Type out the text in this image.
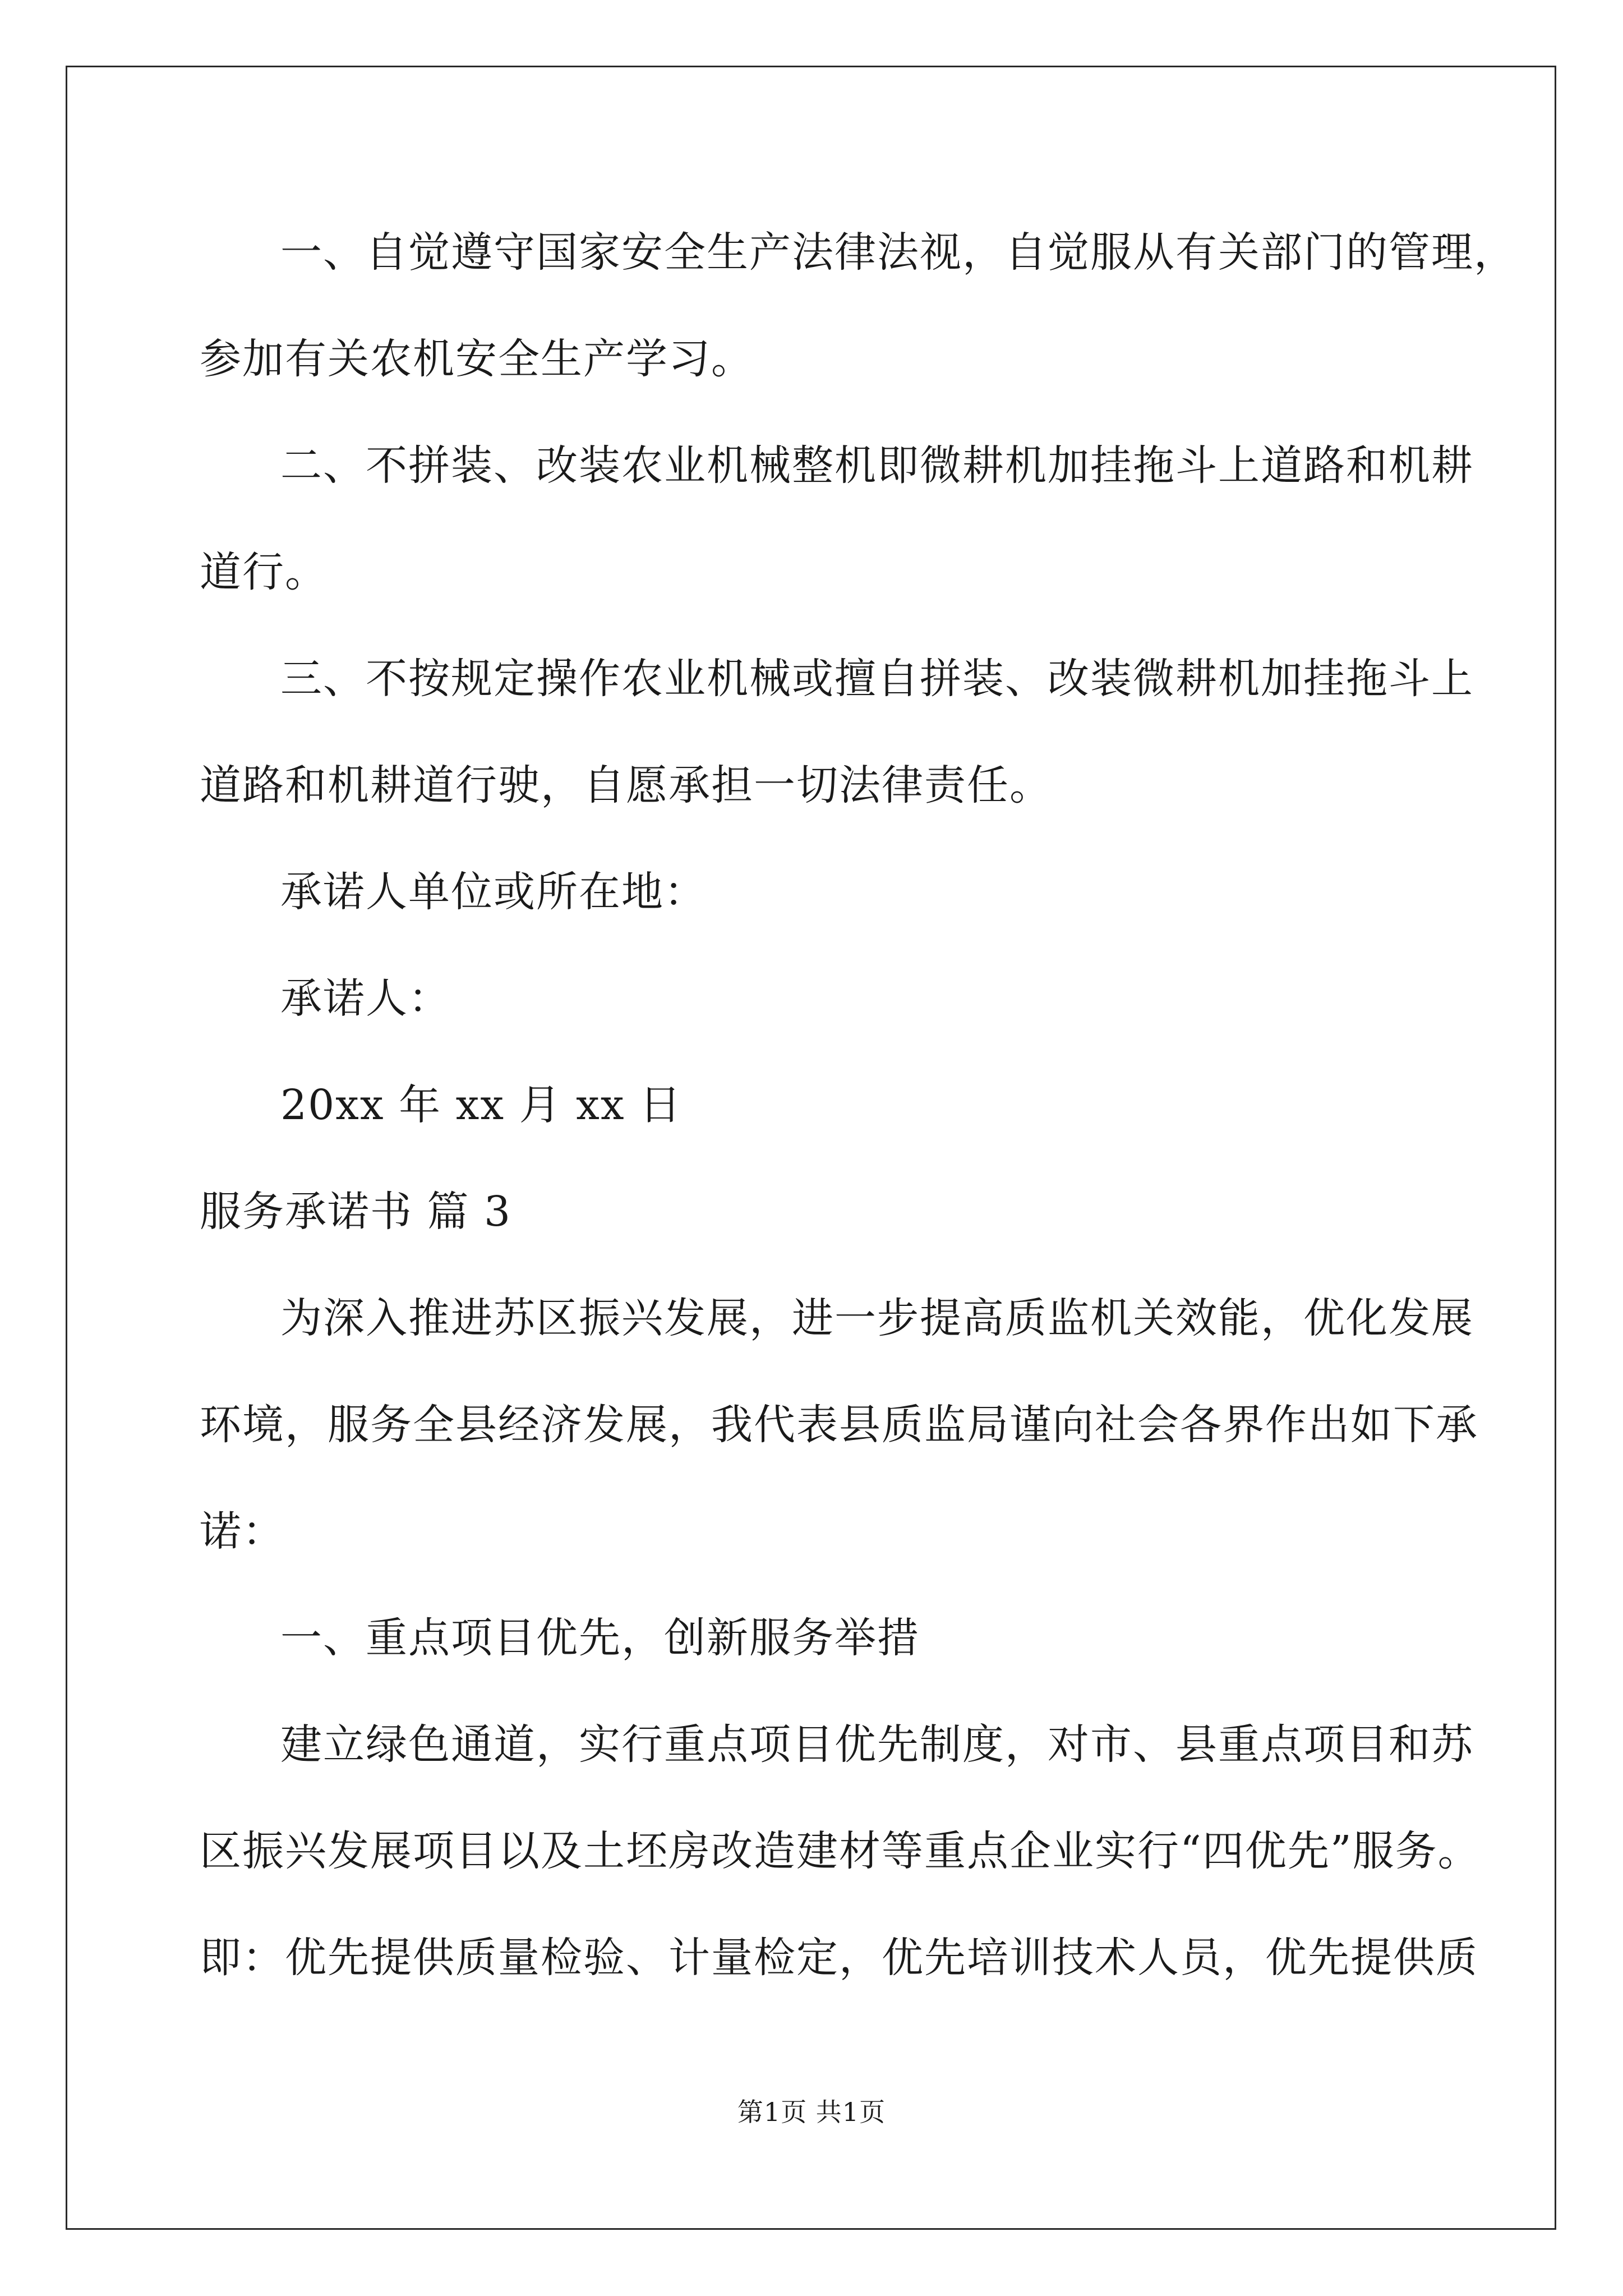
一、自觉遵守国家安全生产法律法视，自觉服从有关部门的管理，
参加有关农机安全生产学习。
二、不拼装、改装农业机械整机即微耕机加挂拖斗上道路和机耕
道行。
三、不按规定操作农业机械或擅自拼装、改装微耕机加挂拖斗上
道路和机耕道行驶，自愿承担一切法律责任。
承诺人单位或所在地：
承诺人：
20xx 年 xx 月 xx 日
服务承诺书 篇 3
为深入推进苏区振兴发展，进一步提高质监机关效能，优化发展
环境，服务全县经济发展，我代表县质监局谨向社会各界作出如下承
诺：
一、重点项目优先，创新服务举措
建立绿色通道，实行重点项目优先制度，对市、县重点项目和苏
区振兴发展项目以及土坯房改造建材等重点企业实行“四优先”服务。
即：优先提供质量检验、计量检定，优先培训技术人员，优先提供质
第1页 共1页
